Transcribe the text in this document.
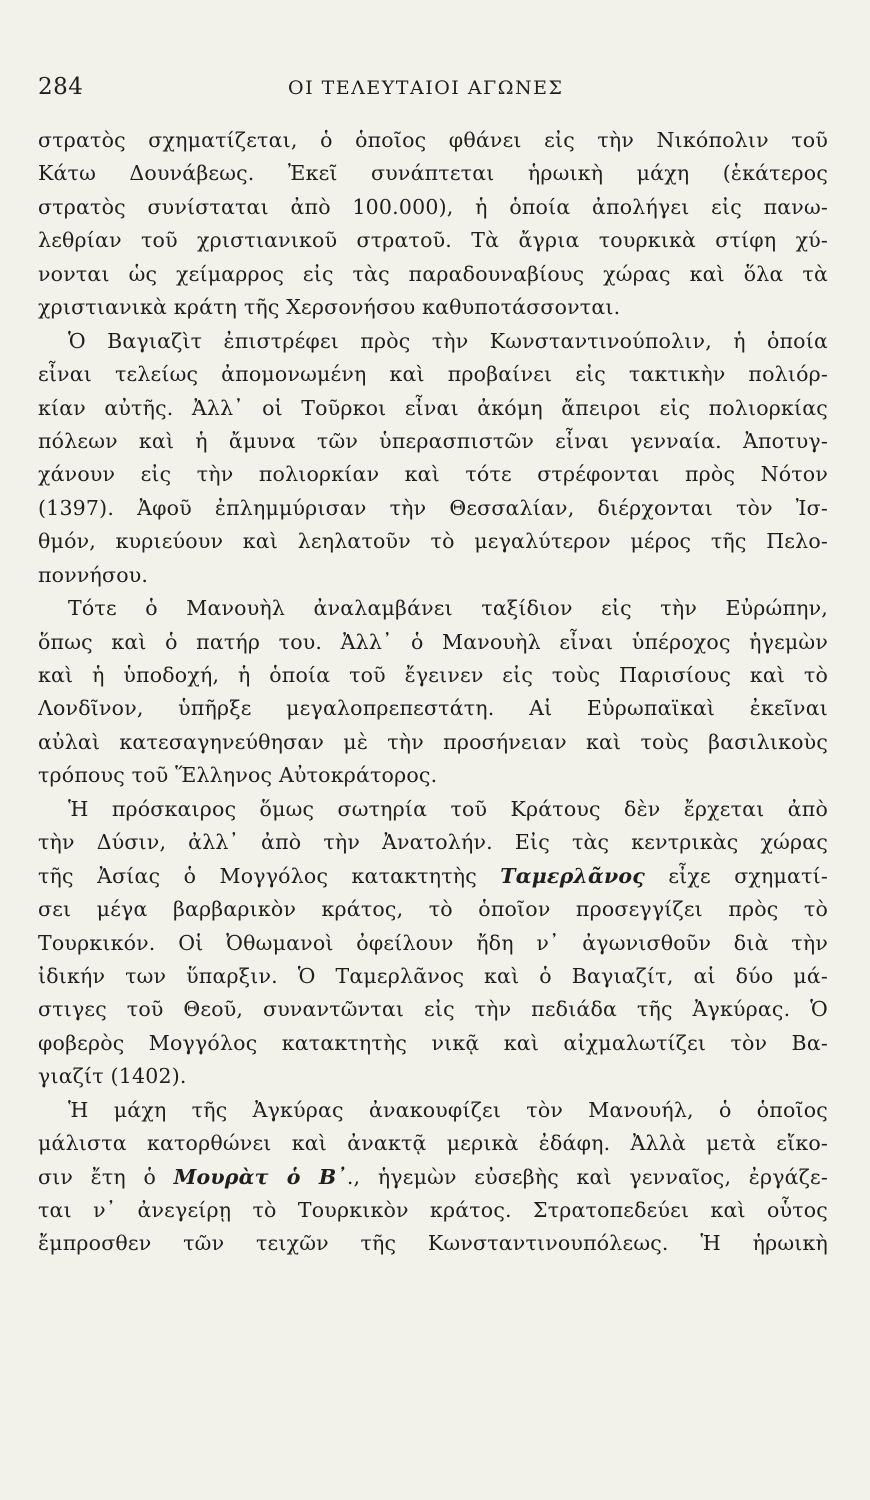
284	ΟΙ ΤΕΛΕΥΤΑΙΟΙ ΑΓΩΝΕΣ
στρατὸς σχηματίζεται, ὁ ὁποῖος φθάνει εἰς τὴν Νικόπολιν τοῦ
Κάτω Δουνάβεως. Ἐκεῖ συνάπτεται ἡρωικὴ μάχη (ἑκάτερος
στρατὸς συνίσταται ἀπὸ 100.000), ἡ ὁποία ἀπολήγει εἰς πανω-
λεθρίαν τοῦ χριστιανικοῦ στρατοῦ. Τὰ ἄγρια τουρκικὰ στίφη χύ-
νονται ὡς χείμαρρος εἰς τὰς παραδουναβίους χώρας καὶ ὅλα τὰ
χριστιανικὰ κράτη τῆς Χερσονήσου καθυποτάσσονται.
Ὁ Βαγιαζὶτ ἐπιστρέφει πρὸς τὴν Κωνσταντινούπολιν, ἡ ὁποία
εἶναι τελείως ἀπομονωμένη καὶ προβαίνει εἰς τακτικὴν πολιόρ-
κίαν αὐτῆς. Ἀλλ᾽ οἱ Τοῦρκοι εἶναι ἀκόμη ἄπειροι εἰς πολιορκίας
πόλεων καὶ ἡ ἄμυνα τῶν ὑπερασπιστῶν εἶναι γενναία. Ἀποτυγ-
χάνουν εἰς τὴν πολιορκίαν καὶ τότε στρέφονται πρὸς Νότον
(1397). Ἀφοῦ ἐπλημμύρισαν τὴν Θεσσαλίαν, διέρχονται τὸν Ἰσ-
θμόν, κυριεύουν καὶ λεηλατοῦν τὸ μεγαλύτερον μέρος τῆς Πελο-
ποννήσου.
Τότε ὁ Μανουὴλ ἀναλαμβάνει ταξίδιον εἰς τὴν Εὐρώπην,
ὅπως καὶ ὁ πατήρ του. Ἀλλ᾽ ὁ Μανουὴλ εἶναι ὑπέροχος ἡγεμὼν
καὶ ἡ ὑποδοχή, ἡ ὁποία τοῦ ἔγεινεν εἰς τοὺς Παρισίους καὶ τὸ
Λονδῖνον, ὑπῆρξε μεγαλοπρεπεστάτη. Αἱ Εὐρωπαϊκαὶ ἐκεῖναι
αὐλαὶ κατεσαγηνεύθησαν μὲ τὴν προσήνειαν καὶ τοὺς βασιλικοὺς
τρόπους τοῦ Ἕλληνος Αὐτοκράτορος.
Ἡ πρόσκαιρος ὅμως σωτηρία τοῦ Κράτους δὲν ἔρχεται ἀπὸ
τὴν Δύσιν, ἀλλ᾽ ἀπὸ τὴν Ἀνατολήν. Εἰς τὰς κεντρικὰς χώρας
τῆς Ἀσίας ὁ Μογγόλος κατακτητὴς Ταμερλᾶνος εἶχε σχηματί-
σει μέγα βαρβαρικὸν κράτος, τὸ ὁποῖον προσεγγίζει πρὸς τὸ
Τουρκικόν. Οἱ Ὀθωμανοὶ ὀφείλουν ἤδη ν᾽ ἀγωνισθοῦν διὰ τὴν
ἰδικήν των ὕπαρξιν. Ὁ Ταμερλᾶνος καὶ ὁ Βαγιαζίτ, αἱ δύο μά-
στιγες τοῦ Θεοῦ, συναντῶνται εἰς τὴν πεδιάδα τῆς Ἀγκύρας. Ὁ
φοβερὸς Μογγόλος κατακτητὴς νικᾷ καὶ αἰχμαλωτίζει τὸν Βα-
γιαζίτ (1402).
Ἡ μάχη τῆς Ἀγκύρας ἀνακουφίζει τὸν Μανουήλ, ὁ ὁποῖος
μάλιστα κατορθώνει καὶ ἀνακτᾷ μερικὰ ἐδάφη. Ἀλλὰ μετὰ εἴκο-
σιν ἔτη ὁ Μουρὰτ ὁ Β᾽., ἡγεμὼν εὐσεβὴς καὶ γενναῖος, ἐργάζε-
ται ν᾽ ἀνεγείρῃ τὸ Τουρκικὸν κράτος. Στρατοπεδεύει καὶ οὗτος
ἔμπροσθεν τῶν τειχῶν τῆς Κωνσταντινουπόλεως. Ἡ ἡρωικὴ
